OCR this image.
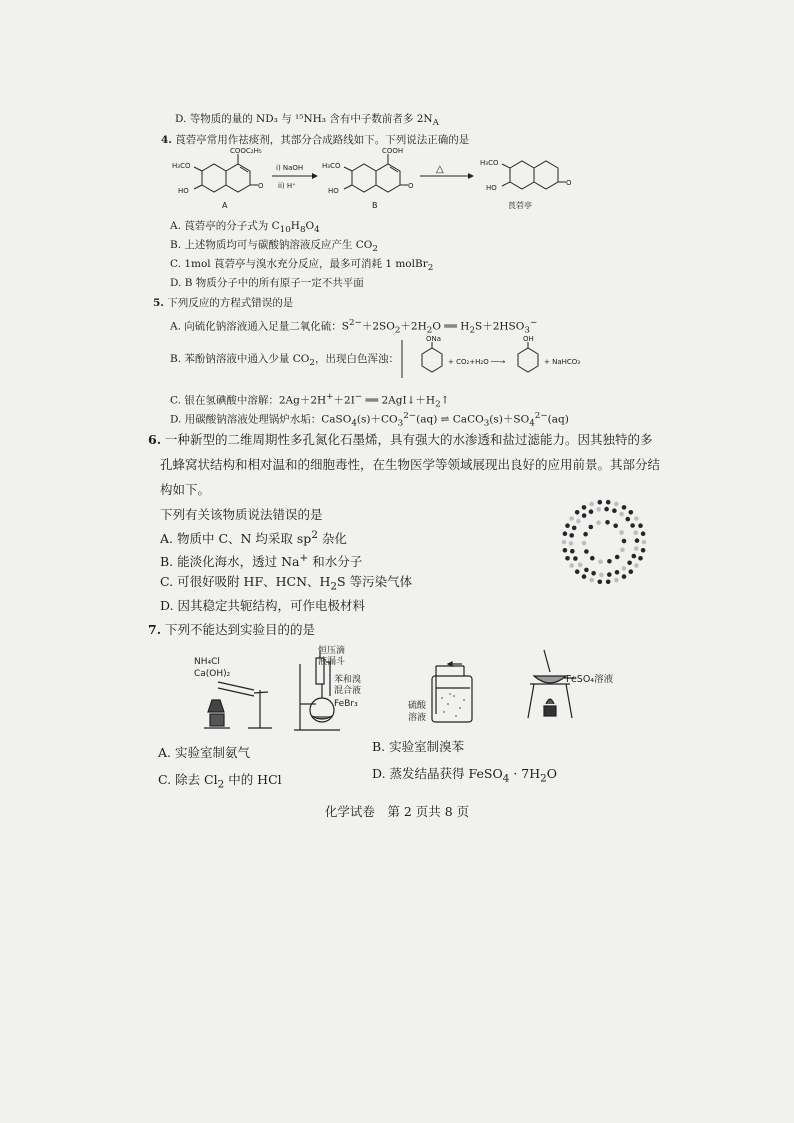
D. 等物质的量的 ND₃ 与 ¹⁵NH₃ 含有中子数前者多 $2N_A$
4. 莨菪亭常用作祛痰剂，其部分合成路线如下。下列说法正确的是
COOC₂H₅
H₃CO
HO
O
A
i) NaOH
ii) H⁺
COOH
H₃CO
HO
O
B
△
H₃CO
HO
O
莨菪亭
A. 莨菪亭的分子式为 $C_{10}H_8O_4$
B. 上述物质均可与碳酸钠溶液反应产生 $CO_2$
C. 1mol 莨菪亭与溴水充分反应，最多可消耗 1 molBr$_2$
D. B 物质分子中的所有原子一定不共平面
5. 下列反应的方程式错误的是
A. 向硫化钠溶液通入足量二氧化硫：$S^{2-}+2SO_2+2H_2O$ ══ $H_2S+2HSO_3^-$
B. 苯酚钠溶液中通入少量 $CO_2$，出现白色浑浊：
ONa
+ CO₂+H₂O ──→
OH
+ NaHCO₃
C. 银在氢碘酸中溶解：2Ag＋2H+＋2I− ══ $2AgI↓+H_2↑$
D. 用碳酸钠溶液处理锅炉水垢：$CaSO_4(s)+CO_3^{2-}(aq)$ ⇌ $CaCO_3(s)+SO_4^{2-}(aq)$
6. 一种新型的二维周期性多孔氮化石墨烯，具有强大的水渗透和盐过滤能力。因其独特的多
孔蜂窝状结构和相对温和的细胞毒性，在生物医学等领域展现出良好的应用前景。其部分结
构如下。
下列有关该物质说法错误的是
A. 物质中 C、N 均采取 $sp^2$ 杂化
B. 能淡化海水，透过 Na+ 和水分子
C. 可很好吸附 HF、HCN、$H_2S$ 等污染气体
D. 因其稳定共轭结构，可作电极材料
7. 下列不能达到实验目的的是
NH₄Cl
Ca(OH)₂
恒压滴
液漏斗
苯和溴
混合液
FeBr₃	硫酸
溶液
FeSO₄溶液
A. 实验室制氨气	B. 实验室制溴苯
C. 除去 $Cl_2$ 中的 HCl	D. 蒸发结晶获得 FeSO$_4$ · $7H_2O$
化学试卷　第 2 页共 8 页
